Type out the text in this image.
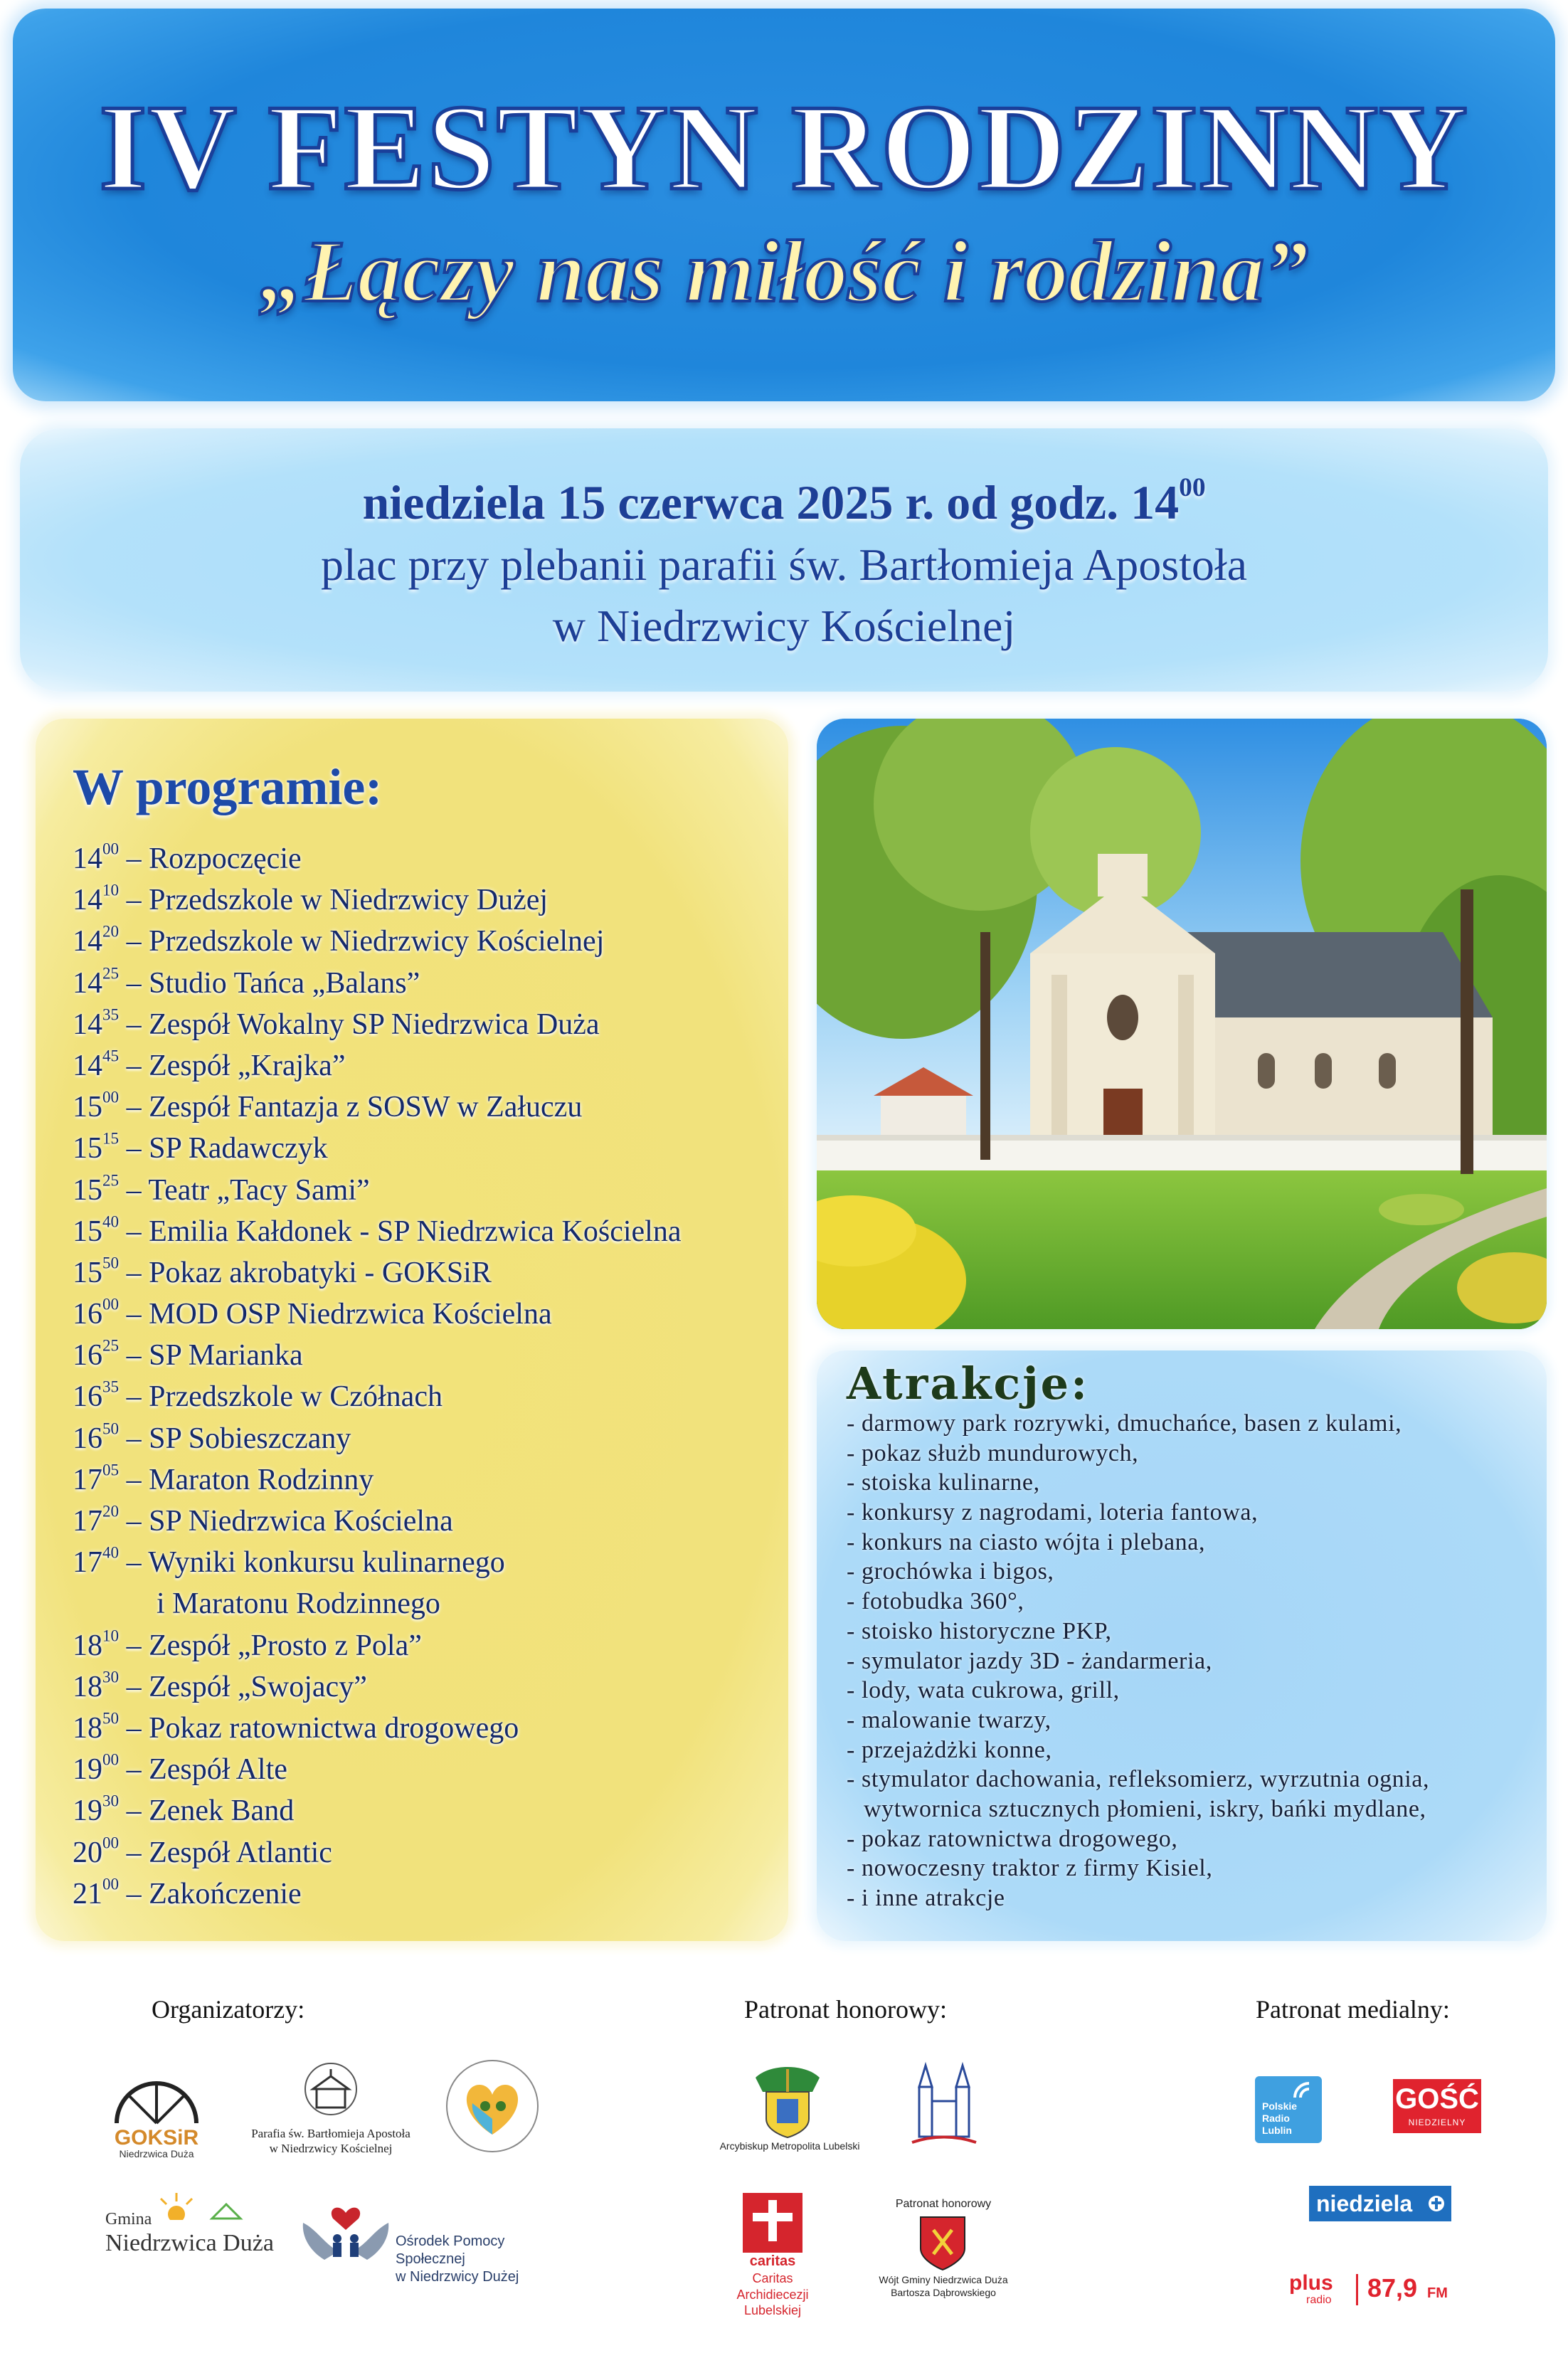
IV FESTYN RODZINNY
„Łączy nas miłość i rodzina”
niedziela 15 czerwca 2025 r. od godz. $14^{00}$
plac przy plebanii parafii św. Bartłomieja Apostoła
w Niedrzwicy Kościelnej
W programie:
$14^{00}$ – Rozpoczęcie
$14^{10}$ – Przedszkole w Niedrzwicy Dużej
$14^{20}$ – Przedszkole w Niedrzwicy Kościelnej
$14^{25}$ – Studio Tańca „Balans”
$14^{35}$ – Zespół Wokalny SP Niedrzwica Duża
$14^{45}$ – Zespół „Krajka”
$15^{00}$ – Zespół Fantazja z SOSW w Załuczu
$15^{15}$ – SP Radawczyk
$15^{25}$ – Teatr „Tacy Sami”
$15^{40}$ – Emilia Kałdonek - SP Niedrzwica Kościelna
$15^{50}$ – Pokaz akrobatyki - GOKSiR
$16^{00}$ – MOD OSP Niedrzwica Kościelna
$16^{25}$ – SP Marianka
$16^{35}$ – Przedszkole w Czółnach
$16^{50}$ – SP Sobieszczany
$17^{05}$ – Maraton Rodzinny
$17^{20}$ – SP Niedrzwica Kościelna
$17^{40}$ – Wyniki konkursu kulinarnego
i Maratonu Rodzinnego
$18^{10}$ – Zespół „Prosto z Pola”
$18^{30}$ – Zespół „Swojacy”
$18^{50}$ – Pokaz ratownictwa drogowego
$19^{00}$ – Zespół Alte
$19^{30}$ – Zenek Band
$20^{00}$ – Zespół Atlantic
$21^{00}$ – Zakończenie
Atrakcje:
- darmowy park rozrywki, dmuchańce, basen z kulami,
- pokaz służb mundurowych,
- stoiska kulinarne,
- konkursy z nagrodami, loteria fantowa,
- konkurs na ciasto wójta i plebana,
- grochówka i bigos,
- fotobudka 360°,
- stoisko historyczne PKP,
- symulator jazdy 3D - żandarmeria,
- lody, wata cukrowa, grill,
- malowanie twarzy,
- przejażdżki konne,
- stymulator dachowania, refleksomierz, wyrzutnia ognia,
wytwornica sztucznych płomieni, iskry, bańki mydlane,
- pokaz ratownictwa drogowego,
- nowoczesny traktor z firmy Kisiel,
- i inne atrakcje
Organizatorzy:	Patronat honorowy:	Patronat medialny:
GOKSiR
Niedrzwica Duża
Parafia św. Bartłomieja Apostoła
w Niedrzwicy Kościelnej
Gmina
Niedrzwica Duża	Ośrodek Pomocy Społecznej
w Niedrzwicy Dużej
Arcybiskup Metropolita Lubelski
caritas
Caritas
Archidiecezji
Lubelskiej
Patronat honorowy
Wójt Gminy Niedrzwica Duża
Bartosza Dąbrowskiego
Polskie
Radio
Lublin
GOŚĆ
NIEDZIELNY
niedziela
plus
radio 87,9 FM
